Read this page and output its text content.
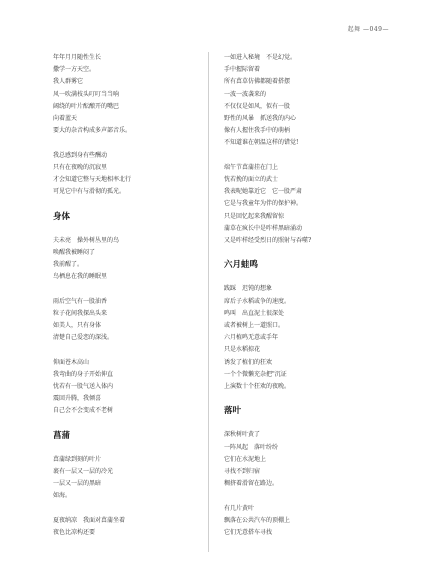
起舞 —049—
年年月月随性生长
撒学一方天空。
我人群雾它
风一吹满枝头叮叮当当响
阔绕的叶片酝酿开的嘴巴
向着蓝天
要大的杂音构成多声部音乐。
我总感到身有些酬动
只有在夜晚的沉寂里
才会知道它整与天地相率北行
可见它中有与滑彻的孤光。
身体
夫未亮　操外树丛里的鸟
唤醒我被睡闷了
我前醒了。
鸟栖息在我的睡眠里
雨后空气有一股油香
粒子花间我探出头来
如美人，只有身体
清楚自己爱恋的深浅。
仰面苍木高山
我弯曲的身子开始伸直
忧若有一股气送入体内
震回升腾，我倾喜
自己会不会变成不老树
菖蒲
菖蒲绿到刻的叶片
裹有一层又一层的冷光
一层又一层的黑暗
如海。
夏夜纳凉　我面对菖蒲坐着
夜色比凉构还要
一如进入秘境　不是幻觉。
手中握际留着
所有菖草仿佛都随着搭摆
一波一波袭来的
不仅仅是如风，似有一股
野性的风暴　抓送我的内心
像有人握住我手中的萌柄
不知道谁在朝温这样的错觉!
端午节菖蒲挂在门上
恍若挽的面立的武士
我表呢她靠近它　它一股严肃
它是与我童年为伴的保护神。
只是回忆起来我醒留惊
蒲草在疯长中是咋样黑暗涌动
又是咋样经受烈日的照射与吞噬?
六月蛙鸣
践踩　迟钝的想象
席后子水稻或争的速度。
鸣叫　出直泥土很深处
或者被树上一道照口。
六月植鸣无意或手年
只是水稻掠花
诱发了植们的狂欢
一个个微懒充杂把"沉证
上演数十个狂欢的夜晚。
落叶
深秋树叶黄了
一阵风起　落叶纷纷
它们在水泥地上
寻找不到归宿
稠挤着滑留在路边。
有几片黄叶
飘落在公共汽车的顶棚上
它们无意搭车寻找
